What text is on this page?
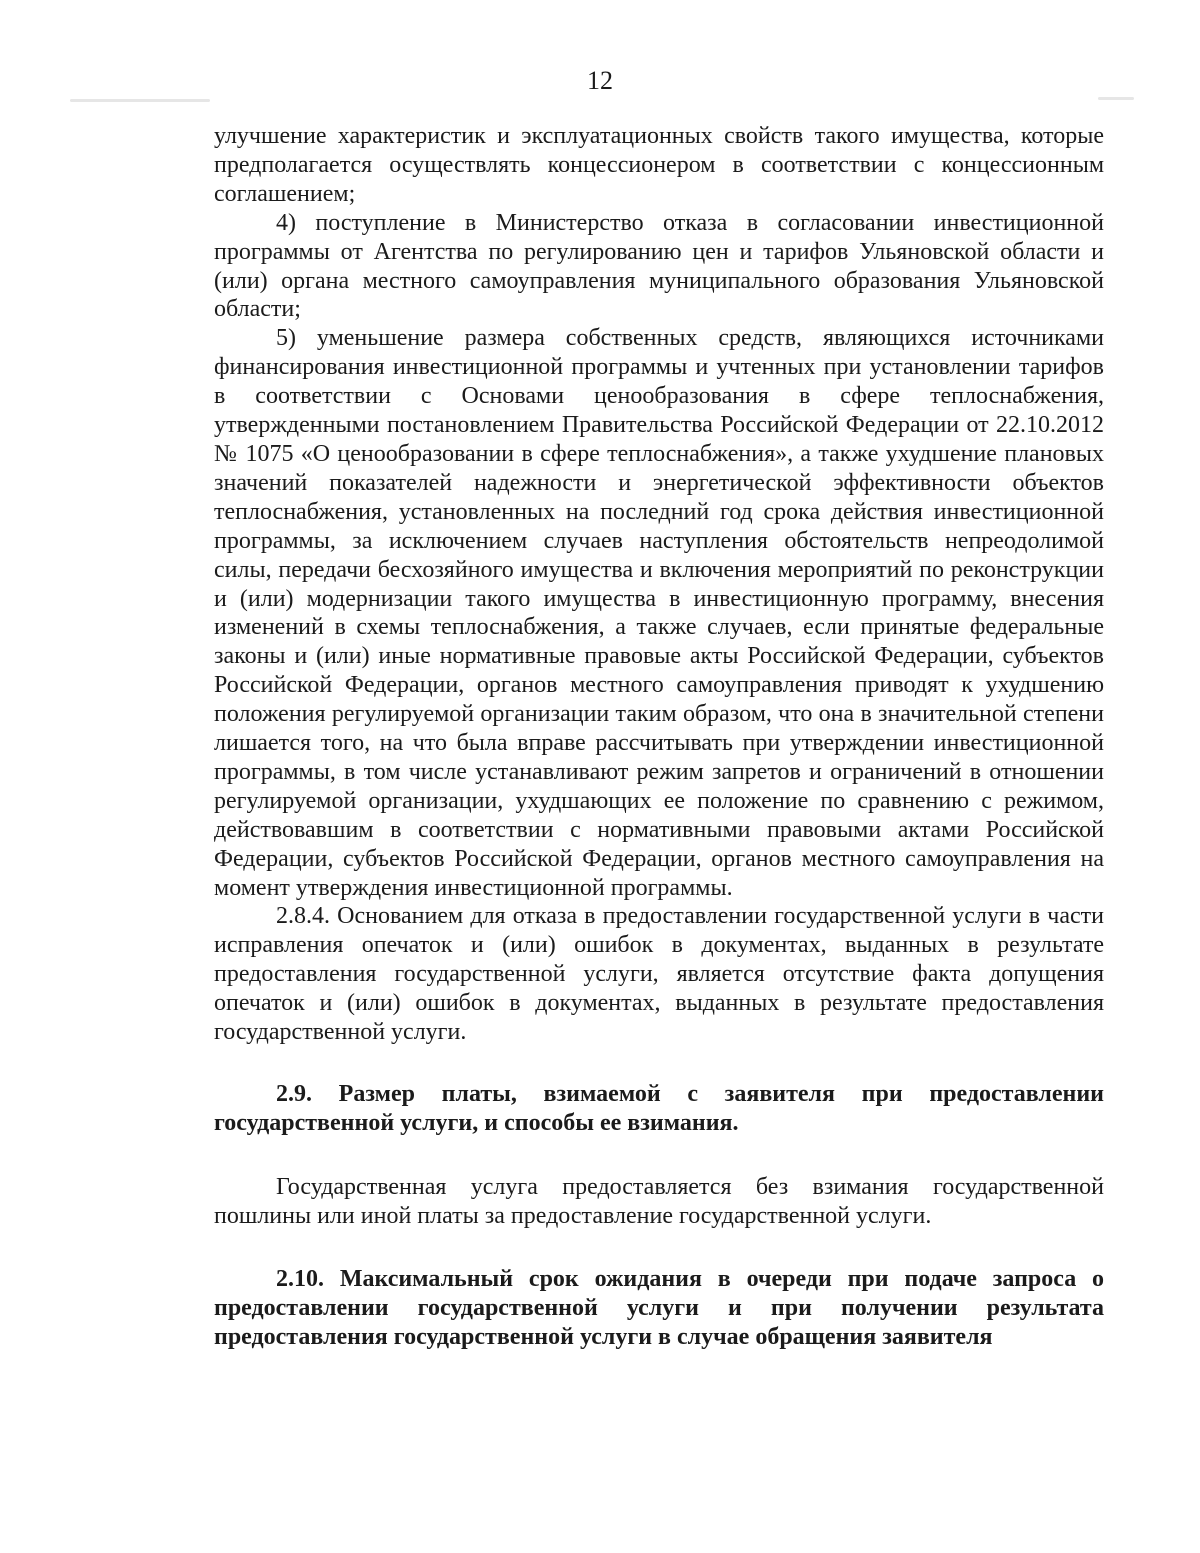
12

улучшение характеристик и эксплуатационных свойств такого имущества, которые предполагается осуществлять концессионером в соответствии с концессионным соглашением;

4) поступление в Министерство отказа в согласовании инвестиционной программы от Агентства по регулированию цен и тарифов Ульяновской области и (или) органа местного самоуправления муниципального образования Ульяновской области;

5) уменьшение размера собственных средств, являющихся источниками финансирования инвестиционной программы и учтенных при установлении тарифов в соответствии с Основами ценообразования в сфере теплоснабжения, утвержденными постановлением Правительства Российской Федерации от 22.10.2012 № 1075 «О ценообразовании в сфере теплоснабжения», а также ухудшение плановых значений показателей надежности и энергетической эффективности объектов теплоснабжения, установленных на последний год срока действия инвестиционной программы, за исключением случаев наступления обстоятельств непреодолимой силы, передачи бесхозяйного имущества и включения мероприятий по реконструкции и (или) модернизации такого имущества в инвестиционную программу, внесения изменений в схемы теплоснабжения, а также случаев, если принятые федеральные законы и (или) иные нормативные правовые акты Российской Федерации, субъектов Российской Федерации, органов местного самоуправления приводят к ухудшению положения регулируемой организации таким образом, что она в значительной степени лишается того, на что была вправе рассчитывать при утверждении инвестиционной программы, в том числе устанавливают режим запретов и ограничений в отношении регулируемой организации, ухудшающих ее положение по сравнению с режимом, действовавшим в соответствии с нормативными правовыми актами Российской Федерации, субъектов Российской Федерации, органов местного самоуправления на момент утверждения инвестиционной программы.

2.8.4. Основанием для отказа в предоставлении государственной услуги в части исправления опечаток и (или) ошибок в документах, выданных в результате предоставления государственной услуги, является отсутствие факта допущения опечаток и (или) ошибок в документах, выданных в результате предоставления государственной услуги.

2.9. Размер платы, взимаемой с заявителя при предоставлении государственной услуги, и способы ее взимания.

Государственная услуга предоставляется без взимания государственной пошлины или иной платы за предоставление государственной услуги.

2.10. Максимальный срок ожидания в очереди при подаче запроса о предоставлении государственной услуги и при получении результата предоставления государственной услуги в случае обращения заявителя
